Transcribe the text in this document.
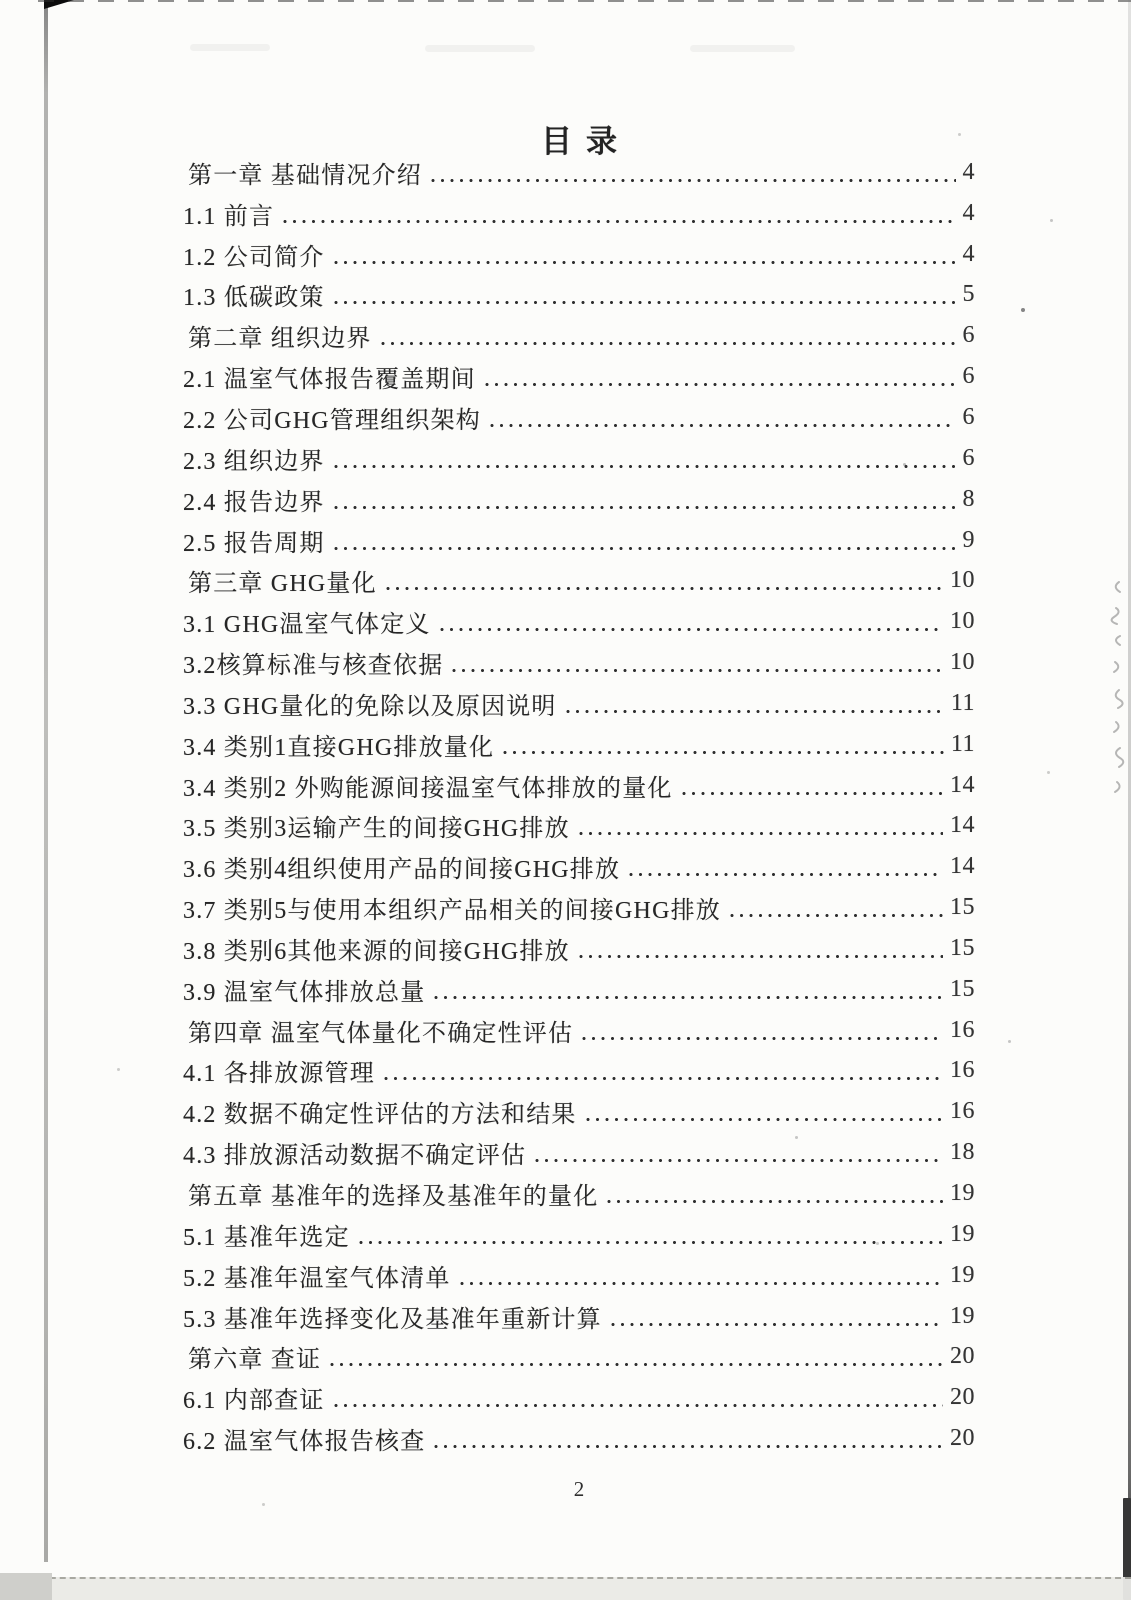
目录
第一章 基础情况介绍	4
1.1 前言	4
1.2 公司简介	4
1.3 低碳政策	5
第二章 组织边界	6
2.1 温室气体报告覆盖期间	6
2.2 公司GHG管理组织架构	6
2.3 组织边界	6
2.4 报告边界	8
2.5 报告周期	9
第三章 GHG量化	10
3.1 GHG温室气体定义	10
3.2核算标准与核查依据	10
3.3 GHG量化的免除以及原因说明	11
3.4 类别1直接GHG排放量化	11
3.4 类别2 外购能源间接温室气体排放的量化	14
3.5 类别3运输产生的间接GHG排放	14
3.6 类别4组织使用产品的间接GHG排放	14
3.7 类别5与使用本组织产品相关的间接GHG排放	15
3.8 类别6其他来源的间接GHG排放	15
3.9 温室气体排放总量	15
第四章 温室气体量化不确定性评估	16
4.1 各排放源管理	16
4.2 数据不确定性评估的方法和结果	16
4.3 排放源活动数据不确定评估	18
第五章 基准年的选择及基准年的量化	19
5.1 基准年选定	19
5.2 基准年温室气体清单	19
5.3 基准年选择变化及基准年重新计算	19
第六章 查证	20
6.1 内部查证	20
6.2 温室气体报告核查	20
2
